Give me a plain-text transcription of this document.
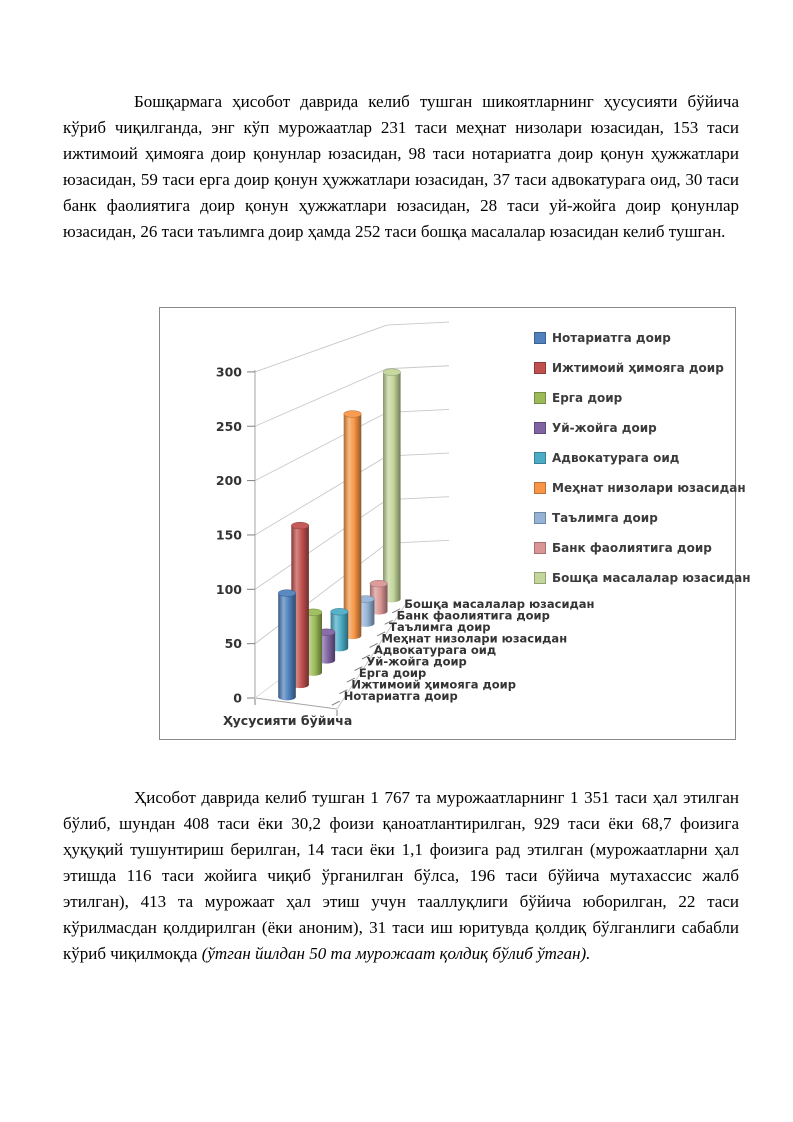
Бошқармага ҳисобот даврида келиб тушган шикоятларнинг ҳусусияти бўйича кўриб чиқилганда, энг кўп мурожаатлар 231 таси меҳнат низолари юзасидан, 153 таси ижтимоий ҳимояга доир қонунлар юзасидан, 98 таси нотариатга доир қонун ҳужжатлари юзасидан, 59 таси ерга доир қонун ҳужжатлари юзасидан, 37 таси адвокатурага оид, 30 таси банк фаолиятига доир қонун ҳужжатлари юзасидан, 28 таси уй-жойга доир қонунлар юзасидан, 26 таси таълимга доир ҳамда 252 таси бошқа масалалар юзасидан келиб тушган.

0
50
100
150
200
250
300
Нотариатга доир
Ижтимоий ҳимояга доир
Ерга доир
Уй-жойга доир
Адвокатурага оид
Меҳнат низолари юзасидан
Таълимга доир
Банк фаолиятига доир
Бошқа масалалар юзасидан
Ҳусусияти бўйича
Нотариатга доир
Ижтимоий ҳимояга доир
Ерга доир
Уй-жойга доир
Адвокатурага оид
Меҳнат низолари юзасидан
Таълимга доир
Банк фаолиятига доир
Бошқа масалалар юзасидан

Ҳисобот даврида келиб тушган 1 767 та мурожаатларнинг 1 351 таси ҳал этилган бўлиб, шундан 408 таси ёки 30,2 фоизи қаноатлантирилган, 929 таси ёки 68,7 фоизига ҳуқуқий тушунтириш берилган, 14 таси ёки 1,1 фоизига рад этилган (мурожаатларни ҳал этишда 116 таси жойига чиқиб ўрганилган бўлса, 196 таси бўйича мутахассис жалб этилган), 413 та мурожаат ҳал этиш учун тааллуқлиги бўйича юборилган, 22 таси кўрилмасдан қолдирилган (ёки аноним), 31 таси иш юритувда қолдиқ бўлганлиги сабабли кўриб чиқилмоқда (ўтган йилдан 50 та мурожаат қолдиқ бўлиб ўтган).
